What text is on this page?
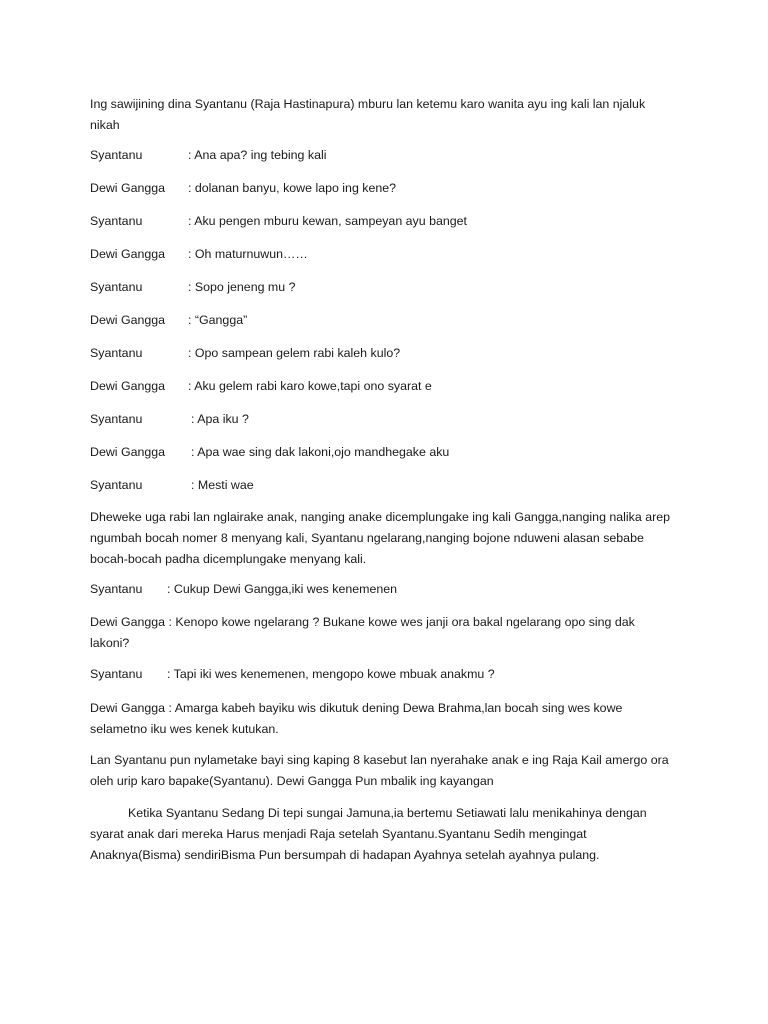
Ing sawijining dina Syantanu (Raja Hastinapura) mburu lan ketemu karo wanita ayu ing kali lan njaluk
nikah
Syantanu	: Ana apa? ing tebing kali
Dewi Gangga : dolanan banyu, kowe lapo ing kene?
Syantanu	: Aku pengen mburu kewan, sampeyan ayu banget
Dewi Gangga : Oh maturnuwun……
Syantanu	: Sopo jeneng mu ?
Dewi Gangga : “Gangga”
Syantanu	: Opo sampean gelem rabi kaleh kulo?
Dewi Gangga : Aku gelem rabi karo kowe,tapi ono syarat e
Syantanu	: Apa iku ?
Dewi Gangga : Apa wae sing dak lakoni,ojo mandhegake aku
Syantanu	: Mesti wae
Dheweke uga rabi lan nglairake anak, nanging anake dicemplungake ing kali Gangga,nanging nalika arep
ngumbah bocah nomer 8 menyang kali, Syantanu ngelarang,nanging bojone nduweni alasan sebabe
bocah-bocah padha dicemplungake menyang kali.
Syantanu : Cukup Dewi Gangga,iki wes kenemenen
Dewi Gangga : Kenopo kowe ngelarang ? Bukane kowe wes janji ora bakal ngelarang opo sing dak
lakoni?
Syantanu : Tapi iki wes kenemenen, mengopo kowe mbuak anakmu ?
Dewi Gangga : Amarga kabeh bayiku wis dikutuk dening Dewa Brahma,lan bocah sing wes kowe
selametno iku wes kenek kutukan.
Lan Syantanu pun nylametake bayi sing kaping 8 kasebut lan nyerahake anak e ing Raja Kail amergo ora
oleh urip karo bapake(Syantanu). Dewi Gangga Pun mbalik ing kayangan
Ketika Syantanu Sedang Di tepi sungai Jamuna,ia bertemu Setiawati lalu menikahinya dengan
syarat anak dari mereka Harus menjadi Raja setelah Syantanu.Syantanu Sedih mengingat
Anaknya(Bisma) sendiriBisma Pun bersumpah di hadapan Ayahnya setelah ayahnya pulang.
